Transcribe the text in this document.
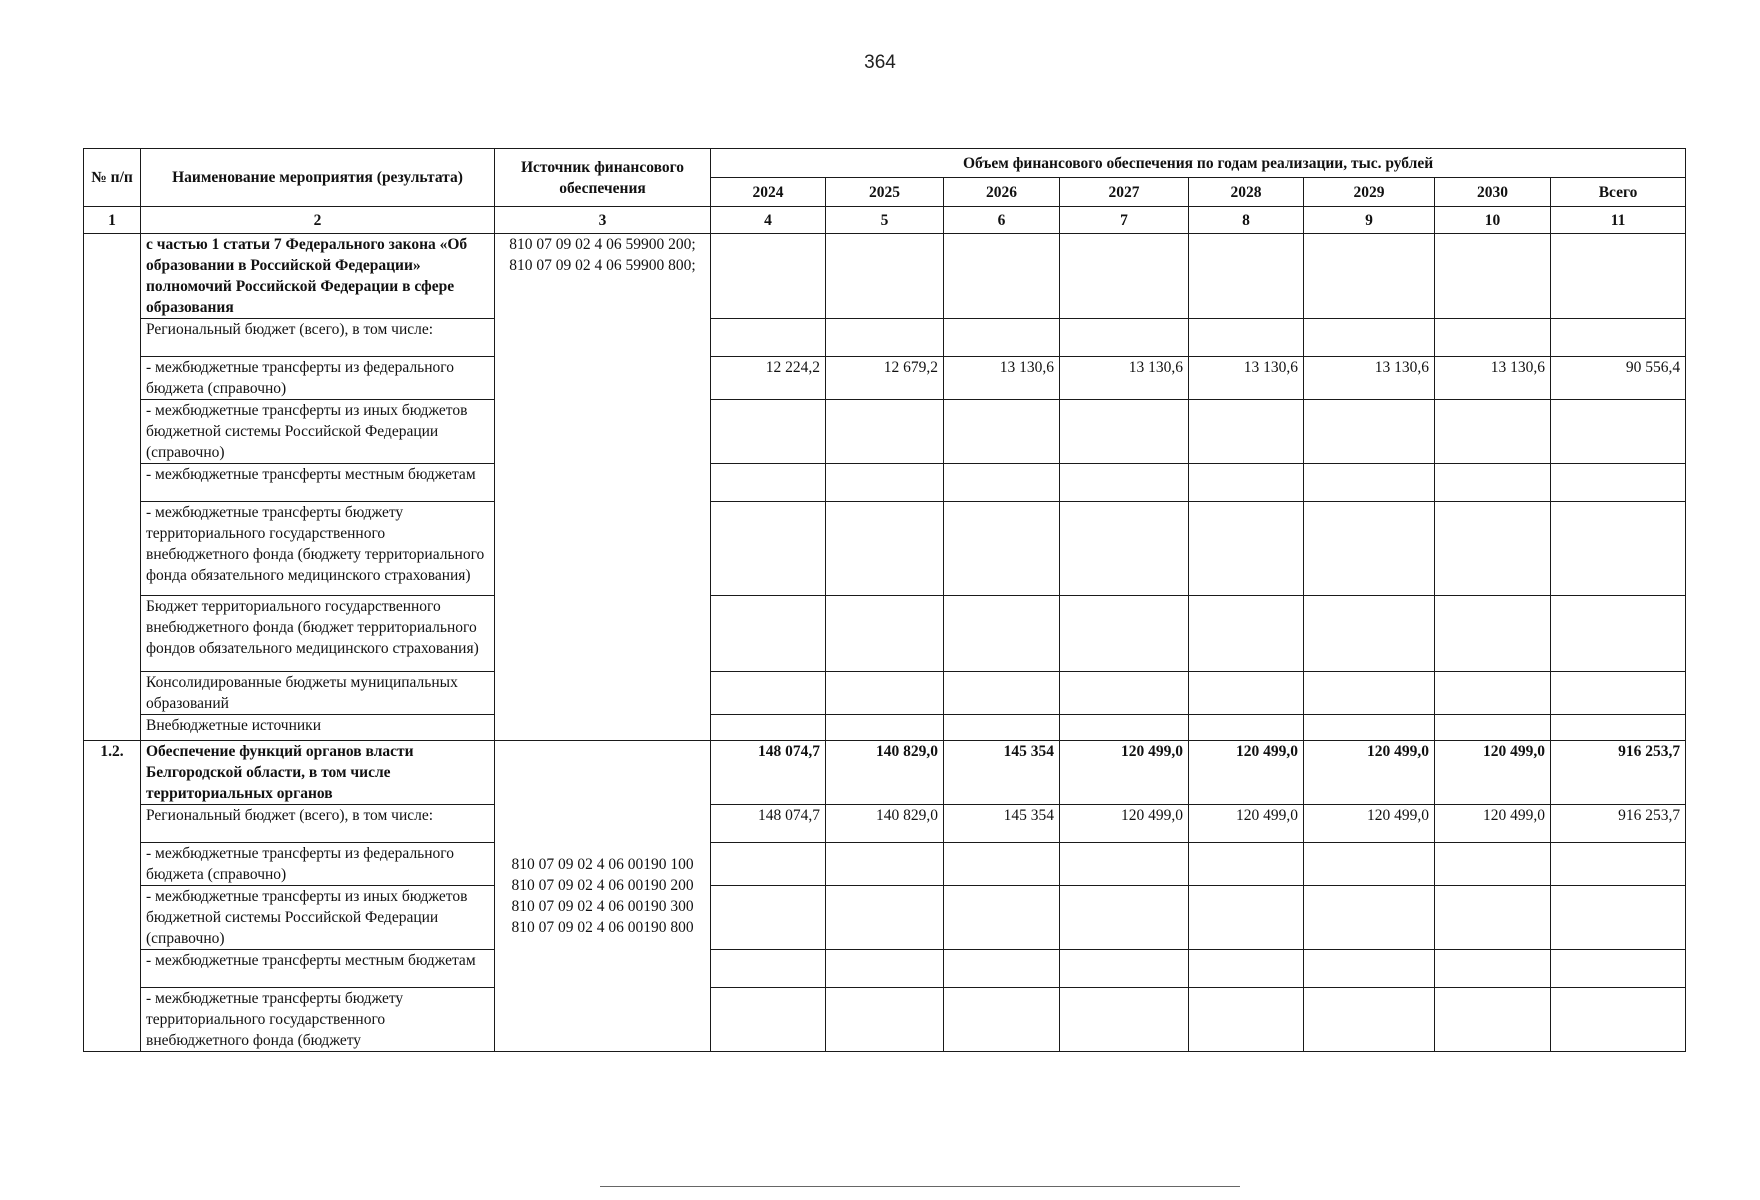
364
№ п/п	Наименование мероприятия (результата)	Источник финансового обеспечения	Объем финансового обеспечения по годам реализации, тыс. рублей							
			2024	2025	2026	2027	2028	2029	2030	Всего
1	2	3	4	5	6	7	8	9	10	11
	с частью 1 статьи 7 Федерального закона «Об образовании в Российской Федерации» полномочий Российской Федерации в сфере образования	810 07 09 02 4 06 59900 200;
810 07 09 02 4 06 59900 800;								

	Региональный бюджет (всего), в том числе:									
	- межбюджетные трансферты из федерального бюджета (справочно)		12 224,2	12 679,2	13 130,6	13 130,6	13 130,6	13 130,6	13 130,6	90 556,4
	- межбюджетные трансферты из иных бюджетов бюджетной системы Российской Федерации (справочно)									
	- межбюджетные трансферты местным бюджетам									
	- межбюджетные трансферты бюджету территориального государственного внебюджетного фонда (бюджету территориального фонда обязательного медицинского страхования)									
	Бюджет территориального государственного внебюджетного фонда (бюджет территориального фондов обязательного медицинского страхования)									
	Консолидированные бюджеты муниципальных образований									
	Внебюджетные источники									
1.2.	Обеспечение функций органов власти Белгородской области, в том числе территориальных органов	810 07 09 02 4 06 00190 100
810 07 09 02 4 06 00190 200
810 07 09 02 4 06 00190 300
810 07 09 02 4 06 00190 800	148 074,7	140 829,0	145 354	120 499,0	120 499,0	120 499,0	120 499,0	916 253,7
	Региональный бюджет (всего), в том числе:		148 074,7	140 829,0	145 354	120 499,0	120 499,0	120 499,0	120 499,0	916 253,7
	- межбюджетные трансферты из федерального бюджета (справочно)									
	- межбюджетные трансферты из иных бюджетов бюджетной системы Российской Федерации (справочно)									
	- межбюджетные трансферты местным бюджетам									
	- межбюджетные трансферты бюджету территориального государственного внебюджетного фонда (бюджету									
